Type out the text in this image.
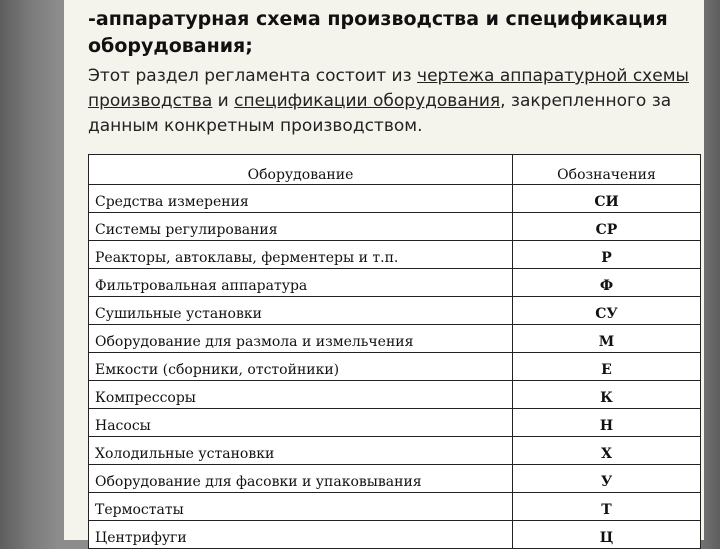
-аппаратурная схема производства и спецификация оборудования;
Этот раздел регламента состоит из чертежа аппаратурной схемы производства и спецификации оборудования, закрепленного за данным конкретным производством.
Оборудование	Обозначения
Средства измерения	СИ
Системы регулирования	СР
Реакторы, автоклавы, ферментеры и т.п.	Р
Фильтровальная аппаратура	Ф
Сушильные установки	СУ
Оборудование для размола и измельчения	М
Емкости (сборники, отстойники)	Е
Компрессоры	К
Насосы	Н
Холодильные установки	Х
Оборудование для фасовки и упаковывания	У
Термостаты	Т
Центрифуги	Ц
